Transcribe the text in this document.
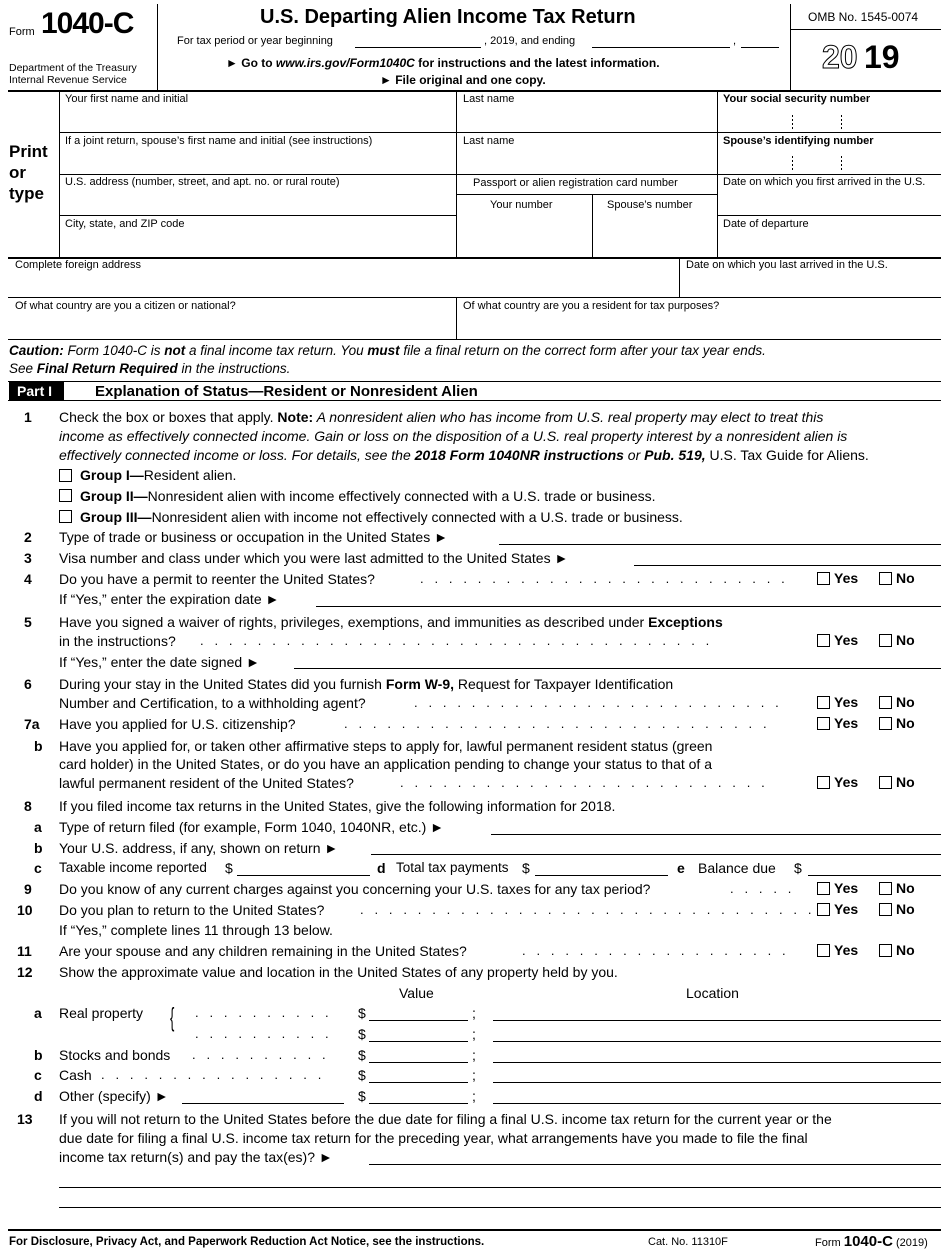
Form 1040-C
Department of the Treasury
Internal Revenue Service
U.S. Departing Alien Income Tax Return
For tax period or year beginning	, 2019, and ending	,
► Go to www.irs.gov/Form1040C for instructions and the latest information.
► File original and one copy.
OMB No. 1545-0074
20 19
Print
or
type
Your first name and initial	Last name	Your social security number
If a joint return, spouse’s first name and initial (see instructions)	Last name	Spouse’s identifying number
U.S. address (number, street, and apt. no. or rural route)	Passport or alien registration card number	Date on which you first arrived in the U.S.
Your number	Spouse’s number
City, state, and ZIP code	Date of departure
Complete foreign address	Date on which you last arrived in the U.S.
Of what country are you a citizen or national?	Of what country are you a resident for tax purposes?
Caution: Form 1040-C is not a final income tax return. You must file a final return on the correct form after your tax year ends.
See Final Return Required in the instructions.
Part I	Explanation of Status—Resident or Nonresident Alien
1 Check the box or boxes that apply. Note: A nonresident alien who has income from U.S. real property may elect to treat this
income as effectively connected income. Gain or loss on the disposition of a U.S. real property interest by a nonresident alien is
effectively connected income or loss. For details, see the 2018 Form 1040NR instructions or Pub. 519, U.S. Tax Guide for Aliens.
Group I—Resident alien.
Group II—Nonresident alien with income effectively connected with a U.S. trade or business.
Group III—Nonresident alien with income not effectively connected with a U.S. trade or business.
2 Type of trade or business or occupation in the United States ►
3 Visa number and class under which you were last admitted to the United States ►
4 Do you have a permit to reenter the United States?	.   .   .   .   .   .   .   .   .   .   .   .   .   .   .   .   .   .   .   .   .   .   .   .   .   .	Yes	No
If “Yes,” enter the expiration date ►
5 Have you signed a waiver of rights, privileges, exemptions, and immunities as described under Exceptions
in the instructions? .   .   .   .   .   .   .   .   .   .   .   .   .   .   .   .   .   .   .   .   .   .   .   .   .   .   .   .   .   .   .   .   .   .   .   .	Yes	No
If “Yes,” enter the date signed ►
6 During your stay in the United States did you furnish Form W-9, Request for Taxpayer Identification
Number and Certification, to a withholding agent?	.   .   .   .   .   .   .   .   .   .   .   .   .   .   .   .   .   .   .   .   .   .   .   .   .   .	Yes	No
7a Have you applied for U.S. citizenship?	.   .   .   .   .   .   .   .   .   .   .   .   .   .   .   .   .   .   .   .   .   .   .   .   .   .   .   .   .   .	Yes	No
b Have you applied for, or taken other affirmative steps to apply for, lawful permanent resident status (green
card holder) in the United States, or do you have an application pending to change your status to that of a
lawful permanent resident of the United States?	.   .   .   .   .   .   .   .   .   .   .   .   .   .   .   .   .   .   .   .   .   .   .   .   .   .	Yes	No
8 If you filed income tax returns in the United States, give the following information for 2018.
a Type of return filed (for example, Form 1040, 1040NR, etc.) ►
b Your U.S. address, if any, shown on return ►
c Taxable income reported $	d Total tax payments $	e Balance due $
9 Do you know of any current charges against you concerning your U.S. taxes for any tax period?	.   .   .   .   .	Yes	No
10 Do you plan to return to the United States?	.   .   .   .   .   .   .   .   .   .   .   .   .   .   .   .   .   .   .   .   .   .   .   .   .   .   .   .   .   .   .   . Yes	No
If “Yes,” complete lines 11 through 13 below.
11 Are your spouse and any children remaining in the United States?	.   .   .   .   .   .   .   .   .   .   .   .   .   .   .   .   .   .   .	Yes	No
12 Show the approximate value and location in the United States of any property held by you.
Value	Location
a Real property { .   .   .   .   .   .   .   .   .   . $	;
.   .   .   .   .   .   .   .   .   . $	;
b Stocks and bonds .   .   .   .   .   .   .   .   .   . $	;
c Cash .   .   .   .   .   .   .   .   .   .   .   .   .   .   .   .	$	;
d Other (specify) ►	$	;
13 If you will not return to the United States before the due date for filing a final U.S. income tax return for the current year or the
due date for filing a final U.S. income tax return for the preceding year, what arrangements have you made to file the final
income tax return(s) and pay the tax(es)? ►
For Disclosure, Privacy Act, and Paperwork Reduction Act Notice, see the instructions.	Cat. No. 11310F	Form 1040-C (2019)
